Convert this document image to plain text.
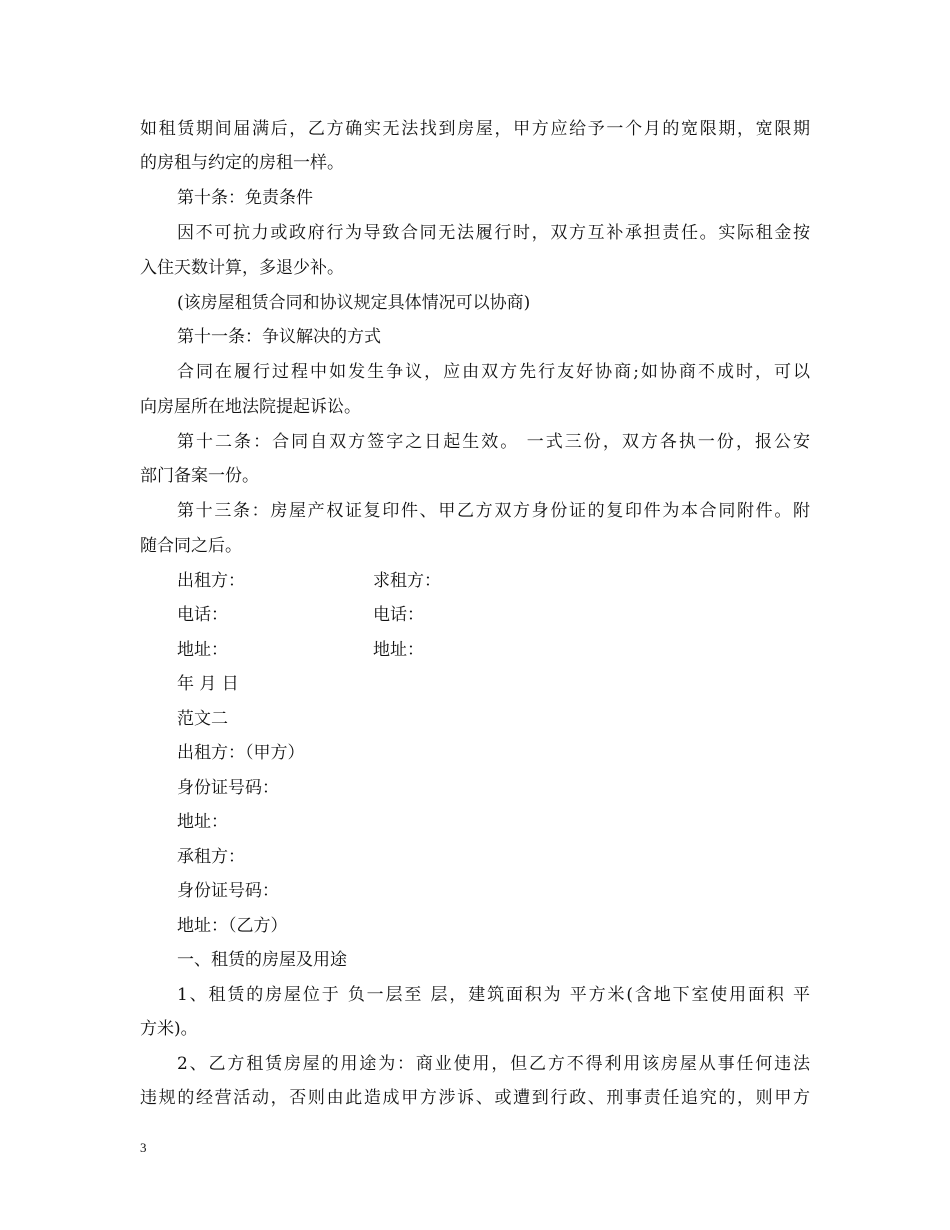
如租赁期间届满后，乙方确实无法找到房屋，甲方应给予一个月的宽限期，宽限期
的房租与约定的房租一样。
第十条：免责条件
因不可抗力或政府行为导致合同无法履行时，双方互补承担责任。实际租金按
入住天数计算，多退少补。
(该房屋租赁合同和协议规定具体情况可以协商)
第十一条：争议解决的方式
合同在履行过程中如发生争议，应由双方先行友好协商;如协商不成时，可以
向房屋所在地法院提起诉讼。
第十二条：合同自双方签字之日起生效。 一式三份，双方各执一份，报公安
部门备案一份。
第十三条：房屋产权证复印件、甲乙方双方身份证的复印件为本合同附件。附
随合同之后。
出租方：	求租方：
电话：	电话：
地址：	地址：
年 月 日
范文二
出租方：（甲方）
身份证号码：
地址：
承租方：
身份证号码：
地址：（乙方）
一、租赁的房屋及用途
1、租赁的房屋位于 负一层至 层，建筑面积为 平方米(含地下室使用面积 平
方米)。
2、乙方租赁房屋的用途为：商业使用，但乙方不得利用该房屋从事任何违法
违规的经营活动，否则由此造成甲方涉诉、或遭到行政、刑事责任追究的，则甲方
3
